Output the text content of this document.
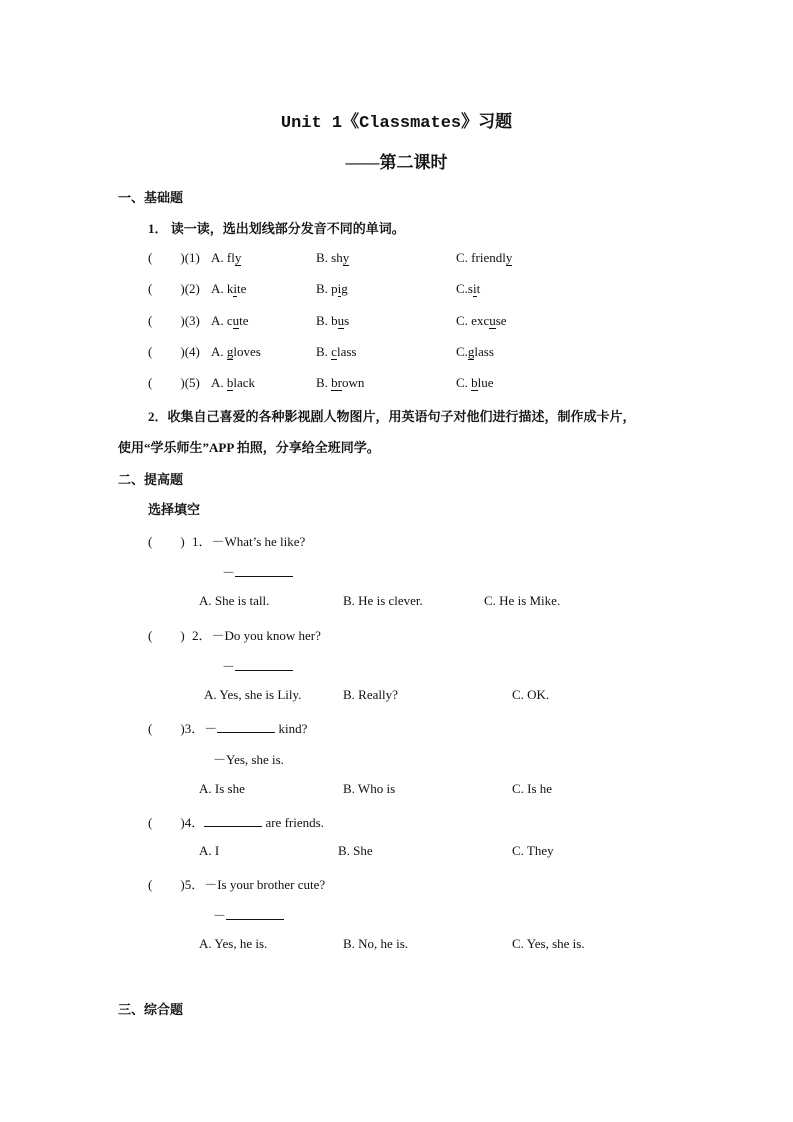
Unit 1《Classmates》习题
——第二课时
一、基础题
1． 读一读，选出划线部分发音不同的单词。
( )(1) A. fly	B. shy	C. friendly
( )(2) A. kite	B. pig	C.sit
( )(3) A. cute	B. bus	C. excuse
( )(4) A. gloves	B. class	C.glass
( )(5) A. black	B. brown	C. blue
2．收集自己喜爱的各种影视剧人物图片，用英语句子对他们进行描述，制作成卡片，
使用“学乐师生”APP 拍照，分享给全班同学。
二、提高题
选择填空
( ) 1．－What’s he like?
－
A. She is tall.	B. He is clever.	C. He is Mike.
( ) 2．－Do you know her?
－
A. Yes, she is Lily.	B. Really?	C. OK.
( )3．－	kind?
－Yes, she is.
A. Is she	B. Who is	C. Is he
( )4．	are friends.
A. I	B. She	C. They
( )5．－Is your brother cute?
－
A. Yes, he is.	B. No, he is.	C. Yes, she is.
三、综合题
